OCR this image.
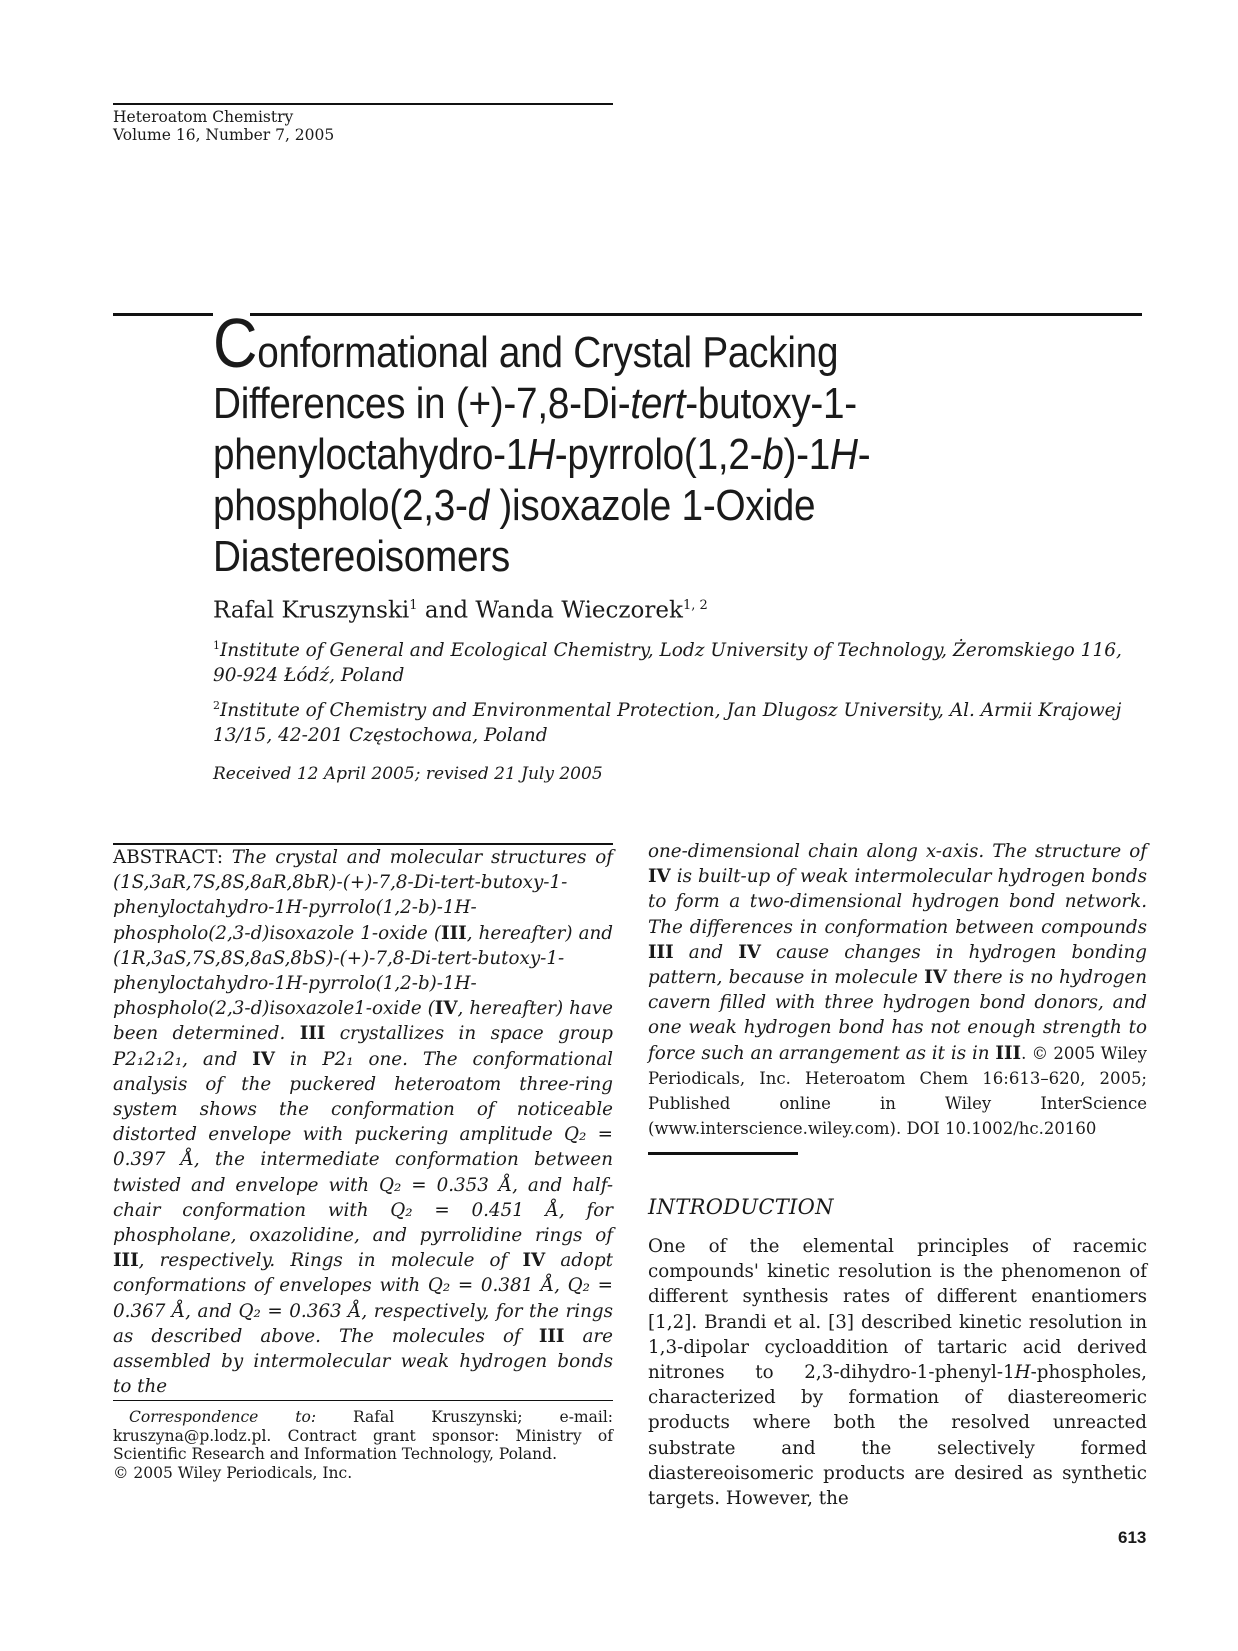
Heteroatom Chemistry
Volume 16, Number 7, 2005
Conformational and Crystal Packing
Differences in (+)-7,8-Di-tert-butoxy-1-
phenyloctahydro-1H-pyrrolo(1,2-b)-1H-
phospholo(2,3-d )isoxazole 1-Oxide
Diastereoisomers
Rafal Kruszynski$^1$ and Wanda Wieczorek$^{1, 2}$
$^1$Institute of General and Ecological Chemistry, Lodz University of Technology, Żeromskiego 116, 90-924 Łódź, Poland
$^2$Institute of Chemistry and Environmental Protection, Jan Dlugosz University, Al. Armii Krajowej 13/15, 42-201 Częstochowa, Poland
Received 12 April 2005; revised 21 July 2005
ABSTRACT: The crystal and molecular structures of (1S,3aR,7S,8S,8aR,8bR)-(+)-7,8-Di-tert-butoxy-1-phenyloctahydro-1H-pyrrolo(1,2-b)-1H-phospholo(2,3-d)isoxazole 1-oxide (III, hereafter) and (1R,3aS,7S,8S,8aS,8bS)-(+)-7,8-Di-tert-butoxy-1-phenyloctahydro-1H-pyrrolo(1,2-b)-1H-phospholo(2,3-d)isoxazole1-oxide (IV, hereafter) have been determined. III crystallizes in space group P2₁2₁2₁, and IV in P2₁ one. The conformational analysis of the puckered heteroatom three-ring system shows the conformation of noticeable distorted envelope with puckering amplitude Q₂ = 0.397 Å, the intermediate conformation between twisted and envelope with Q₂ = 0.353 Å, and half-chair conformation with Q₂ = 0.451 Å, for phospholane, oxazolidine, and pyrrolidine rings of III, respectively. Rings in molecule of IV adopt conformations of envelopes with Q₂ = 0.381 Å, Q₂ = 0.367 Å, and Q₂ = 0.363 Å, respectively, for the rings as described above. The molecules of III are assembled by intermolecular weak hydrogen bonds to the
one-dimensional chain along x-axis. The structure of IV is built-up of weak intermolecular hydrogen bonds to form a two-dimensional hydrogen bond network. The differences in conformation between compounds III and IV cause changes in hydrogen bonding pattern, because in molecule IV there is no hydrogen cavern filled with three hydrogen bond donors, and one weak hydrogen bond has not enough strength to force such an arrangement as it is in III. © 2005 Wiley Periodicals, Inc. Heteroatom Chem 16:613–620, 2005; Published online in Wiley InterScience (www.interscience.wiley.com). DOI 10.1002/hc.20160
INTRODUCTION
One of the elemental principles of racemic compounds' kinetic resolution is the phenomenon of different synthesis rates of different enantiomers [1,2]. Brandi et al. [3] described kinetic resolution in 1,3-dipolar cycloaddition of tartaric acid derived nitrones to 2,3-dihydro-1-phenyl-1H-phospholes, characterized by formation of diastereomeric products where both the resolved unreacted substrate and the selectively formed diastereoisomeric products are desired as synthetic targets. However, the
Correspondence to: Rafal Kruszynski; e-mail: kruszyna@p.lodz.pl. Contract grant sponsor: Ministry of Scientific Research and Information Technology, Poland.
© 2005 Wiley Periodicals, Inc.
613
